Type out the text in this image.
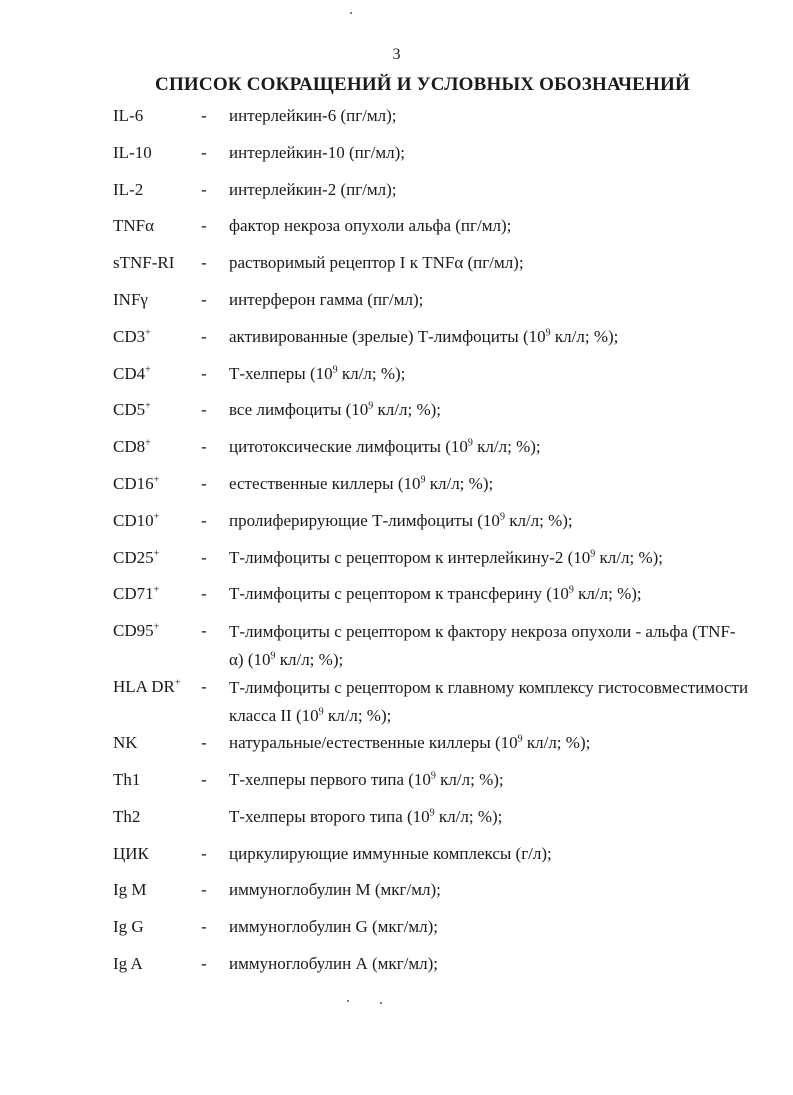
3
СПИСОК СОКРАЩЕНИЙ И УСЛОВНЫХ ОБОЗНАЧЕНИЙ
IL-6	- интерлейкин-6 (пг/мл);
IL-10	- интерлейкин-10 (пг/мл);
IL-2	- интерлейкин-2 (пг/мл);
TNFα	- фактор некроза опухоли альфа (пг/мл);
sTNF-RI - растворимый рецептор I к TNFα (пг/мл);
INFγ	- интерферон гамма (пг/мл);
CD3+	- активированные (зрелые) Т-лимфоциты ($10^9$ кл/л; %);
CD4+	- Т-хелперы ($10^9$ кл/л; %);
CD5+	- все лимфоциты ($10^9$ кл/л; %);
CD8+	- цитотоксические лимфоциты ($10^9$ кл/л; %);
CD16+ - естественные киллеры ($10^9$ кл/л; %);
CD10+ - пролиферирующие Т-лимфоциты ($10^9$ кл/л; %);
CD25+ - Т-лимфоциты с рецептором к интерлейкину-2 ($10^9$ кл/л; %);
CD71+ - Т-лимфоциты с рецептором к трансферину ($10^9$ кл/л; %);
CD95+ - Т-лимфоциты с рецептором к фактору некроза опухоли - альфа (TNF-α) ($10^9$ кл/л; %);
HLA DR+ - Т-лимфоциты с рецептором к главному комплексу гистосовместимости класса II ($10^9$ кл/л; %);
NK	- натуральные/естественные киллеры ($10^9$ кл/л; %);
Th1	- Т-хелперы первого типа ($10^9$ кл/л; %);
Th2	Т-хелперы второго типа ($10^9$ кл/л; %);
ЦИК	- циркулирующие иммунные комплексы (г/л);
Ig M	- иммуноглобулин М (мкг/мл);
Ig G	- иммуноглобулин G (мкг/мл);
Ig A	- иммуноглобулин А (мкг/мл);
